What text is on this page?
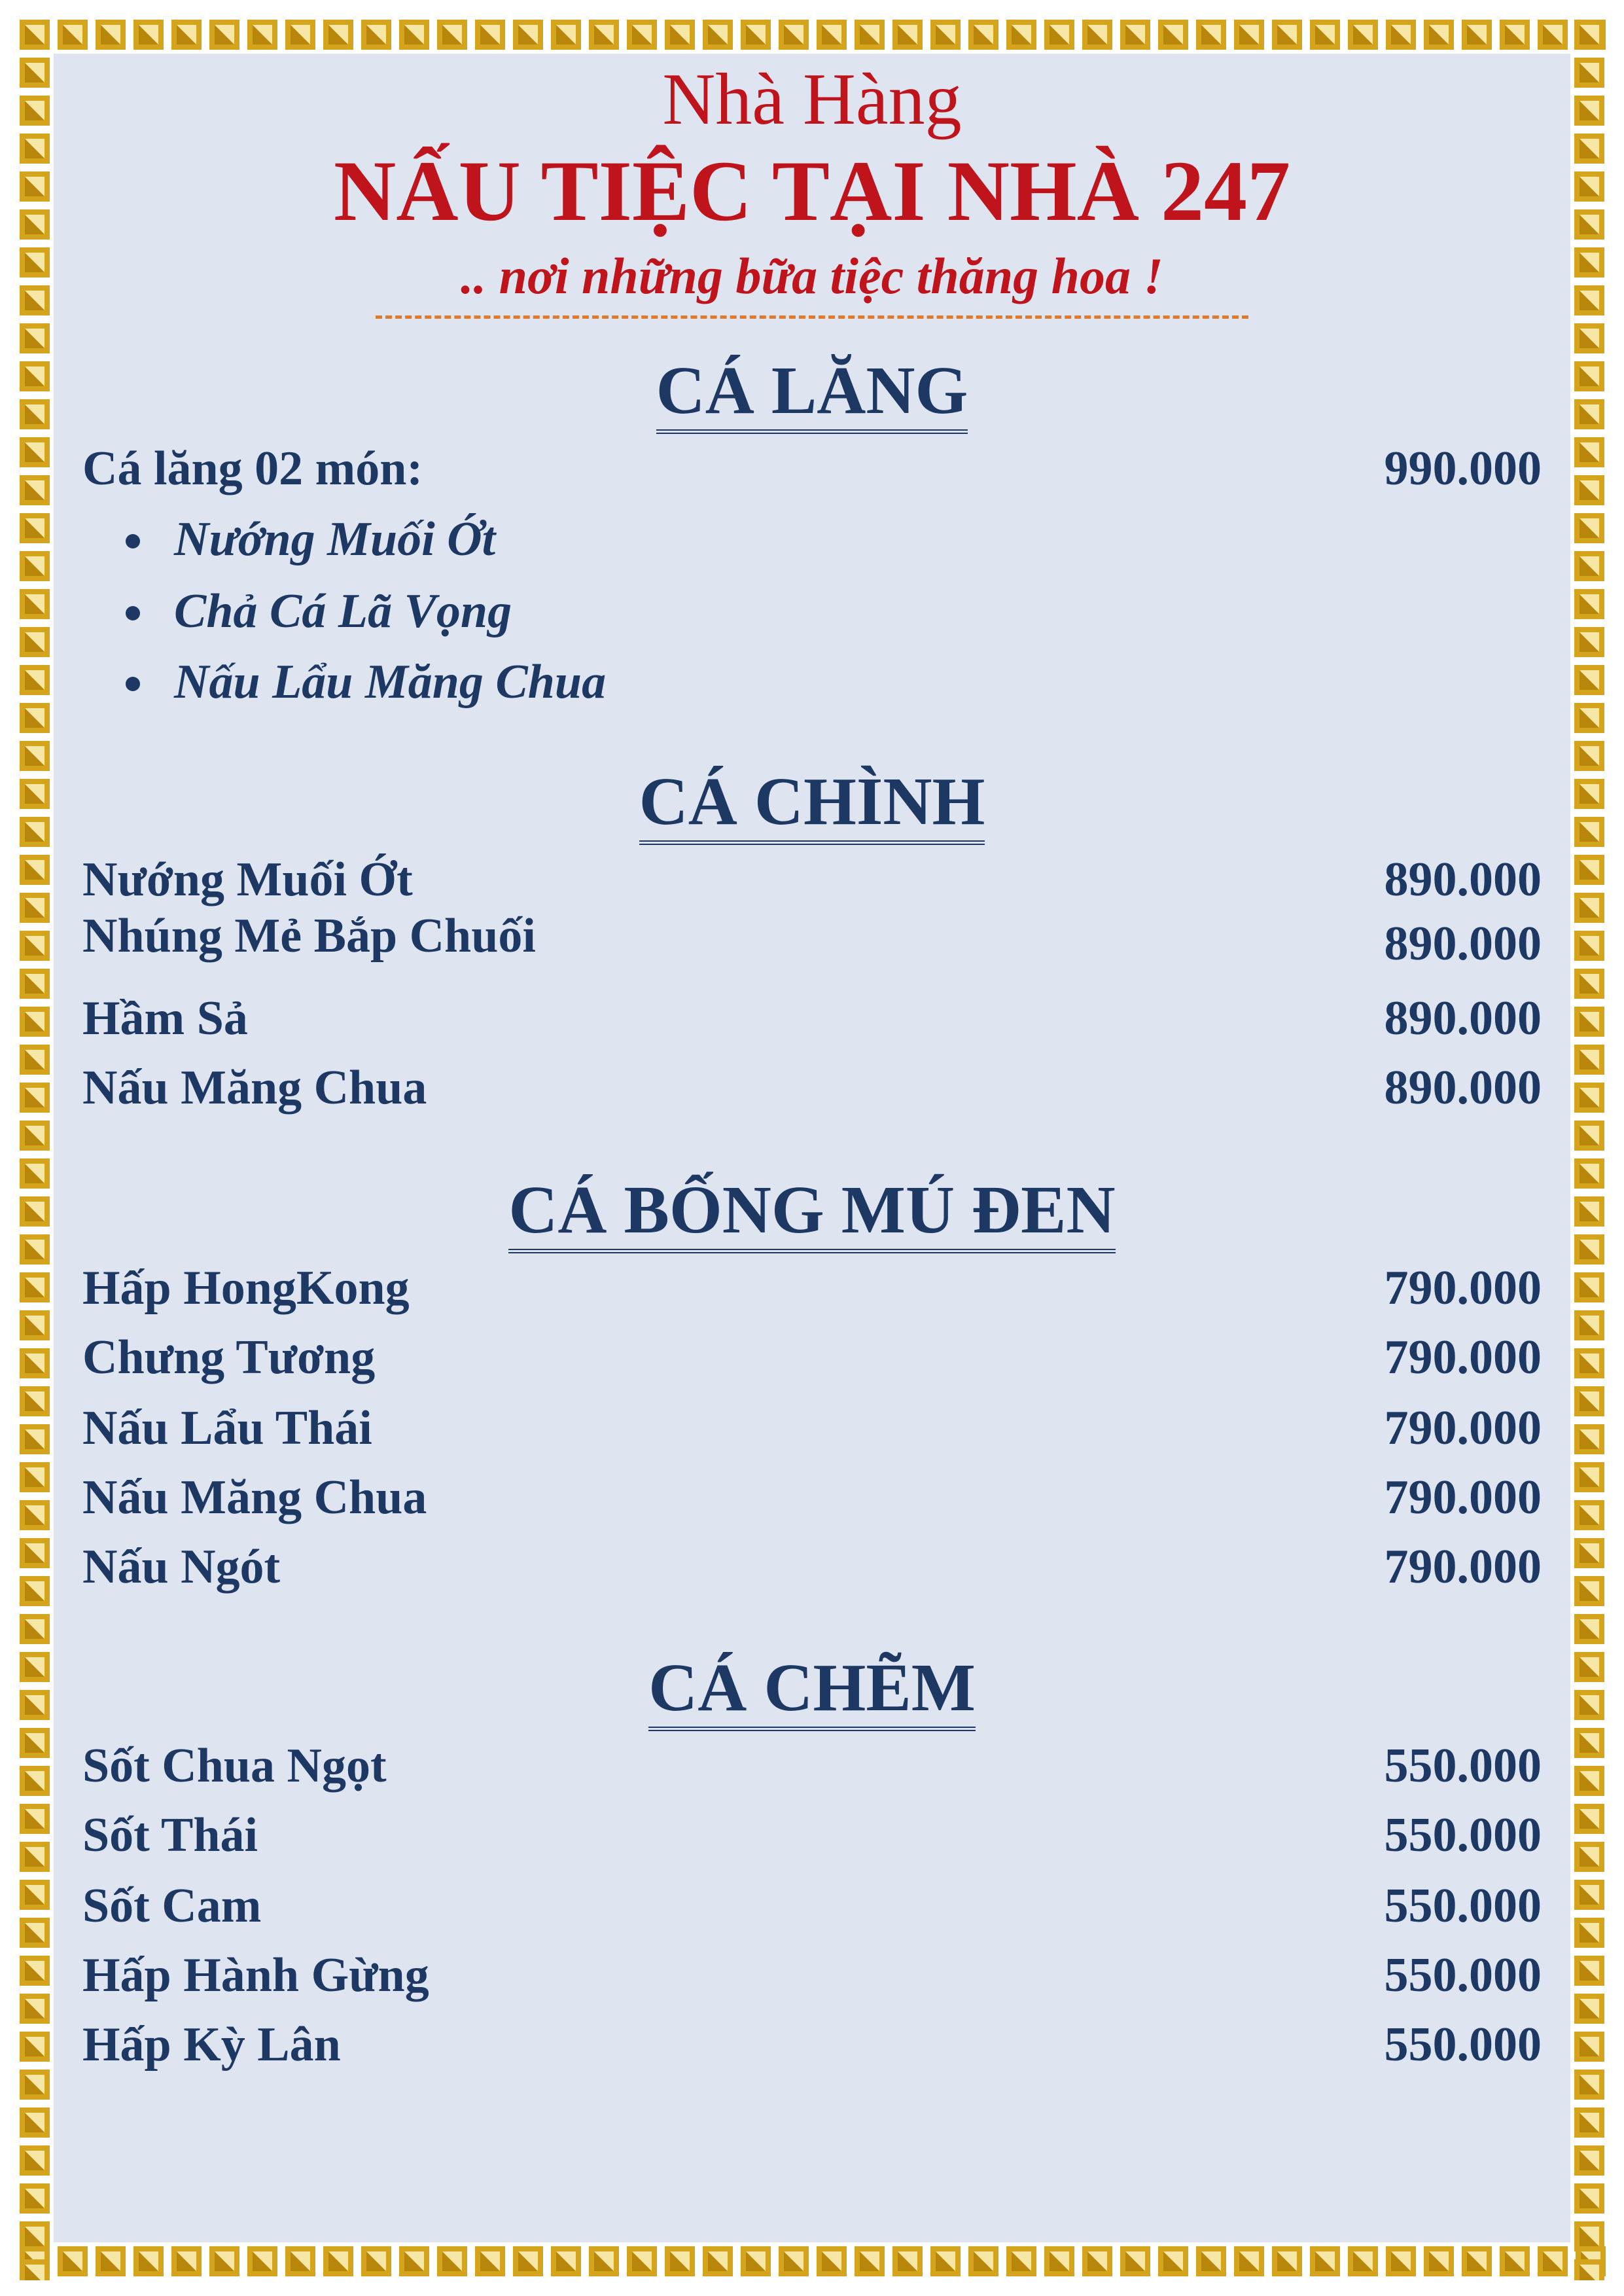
Nhà Hàng
NẤU TIỆC TẠI NHÀ 247
.. nơi những bữa tiệc thăng hoa !
CÁ LĂNG
Cá lăng 02 món:	990.000
Nướng Muối Ớt
Chả Cá Lã Vọng
Nấu Lẩu Măng Chua
CÁ CHÌNH
Nướng Muối Ớt	890.000
Nhúng Mẻ Bắp Chuối	890.000
Hầm Sả	890.000
Nấu Măng Chua	890.000
CÁ BỐNG MÚ ĐEN
Hấp HongKong	790.000
Chưng Tương	790.000
Nấu Lẩu Thái	790.000
Nấu Măng Chua	790.000
Nấu Ngót	790.000
CÁ CHẼM
Sốt Chua Ngọt	550.000
Sốt Thái	550.000
Sốt Cam	550.000
Hấp Hành Gừng	550.000
Hấp Kỳ Lân	550.000
